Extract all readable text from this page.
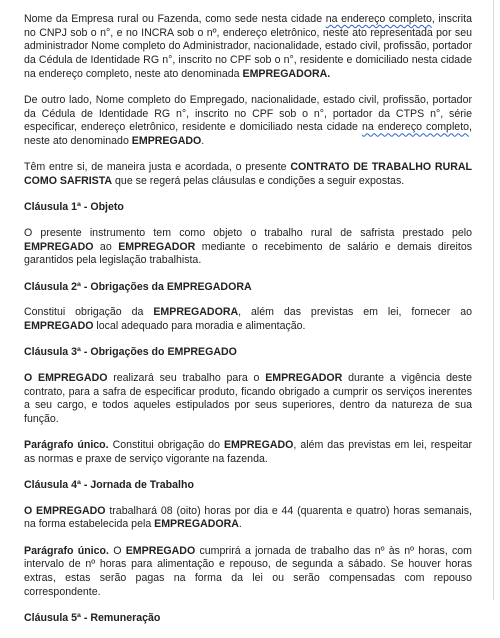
Nome da Empresa rural ou Fazenda, como sede nesta cidade na endereço completo, inscrita no CNPJ sob o n°, e no INCRA sob o nº, endereço eletrônico, neste ato representada por seu administrador Nome completo do Administrador, nacionalidade, estado civil, profissão, portador da Cédula de Identidade RG n°, inscrito no CPF sob o n°, residente e domiciliado nesta cidade na endereço completo, neste ato denominada EMPREGADORA.

De outro lado, Nome completo do Empregado, nacionalidade, estado civil, profissão, portador da Cédula de Identidade RG n°, inscrito no CPF sob o n°, portador da CTPS n°, série especificar, endereço eletrônico, residente e domiciliado nesta cidade na endereço completo, neste ato denominado EMPREGADO.

Têm entre si, de maneira justa e acordada, o presente CONTRATO DE TRABALHO RURAL COMO SAFRISTA que se regerá pelas cláusulas e condições a seguir expostas.

Cláusula 1ª - Objeto

O presente instrumento tem como objeto o trabalho rural de safrista prestado pelo EMPREGADO ao EMPREGADOR mediante o recebimento de salário e demais direitos garantidos pela legislação trabalhista.

Cláusula 2ª - Obrigações da EMPREGADORA

Constitui obrigação da EMPREGADORA, além das previstas em lei, fornecer ao EMPREGADO local adequado para moradia e alimentação.

Cláusula 3ª - Obrigações do EMPREGADO

O EMPREGADO realizará seu trabalho para o EMPREGADOR durante a vigência deste contrato, para a safra de especificar produto, ficando obrigado a cumprir os serviços inerentes a seu cargo, e todos aqueles estipulados por seus superiores, dentro da natureza de sua função.

Parágrafo único. Constitui obrigação do EMPREGADO, além das previstas em lei, respeitar as normas e praxe de serviço vigorante na fazenda.

Cláusula 4ª - Jornada de Trabalho

O EMPREGADO trabalhará 08 (oito) horas por dia e 44 (quarenta e quatro) horas semanais, na forma estabelecida pela EMPREGADORA.

Parágrafo único. O EMPREGADO cumprirá a jornada de trabalho das nº às nº horas, com intervalo de nº horas para alimentação e repouso, de segunda a sábado. Se houver horas extras, estas serão pagas na forma da lei ou serão compensadas com repouso correspondente.

Cláusula 5ª - Remuneração
